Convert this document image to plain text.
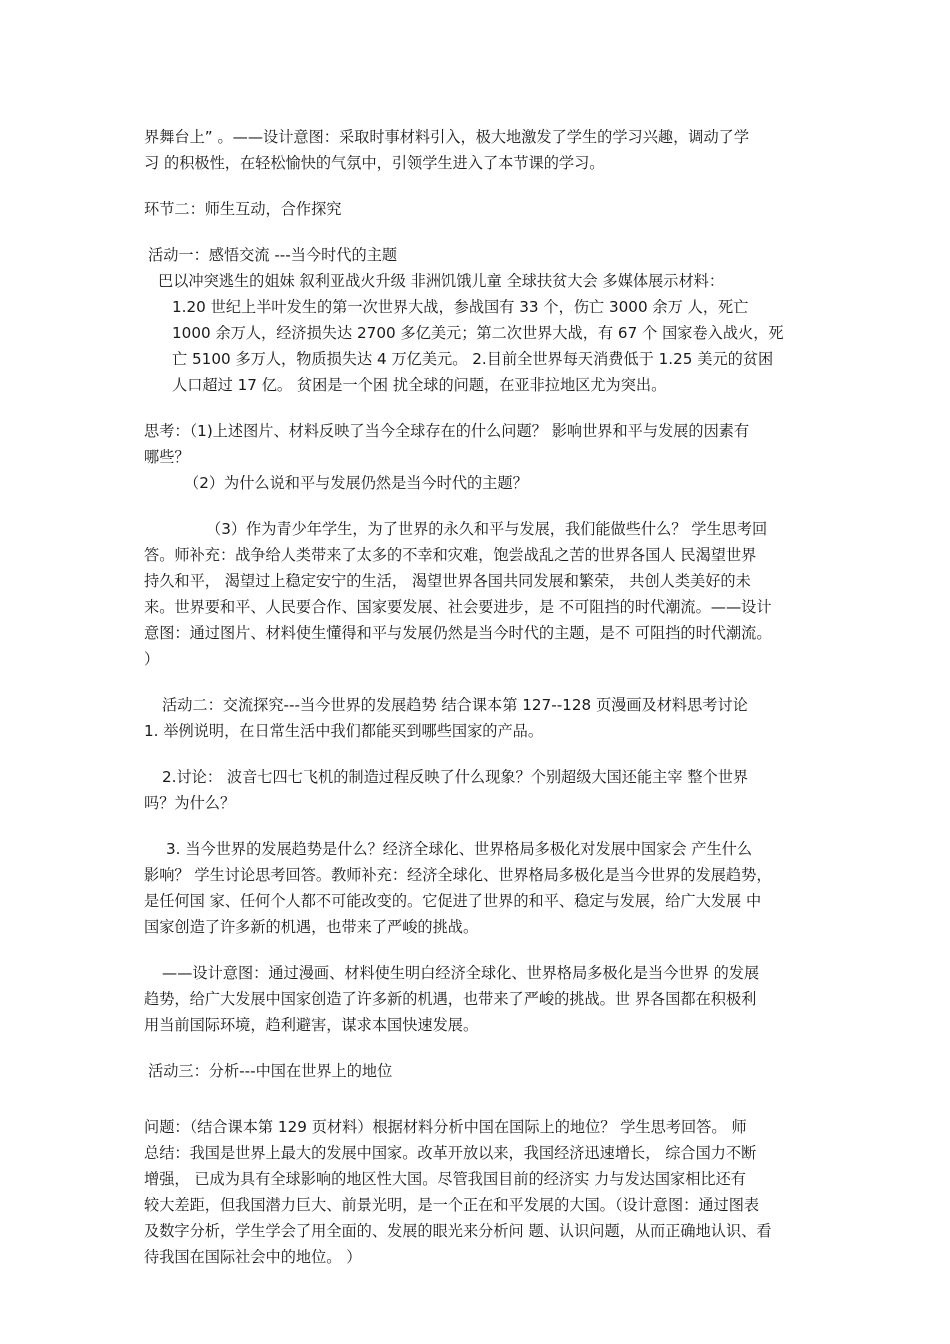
界舞台上” 。——设计意图：采取时事材料引入，极大地激发了学生的学习兴趣，调动了学
习 的积极性，在轻松愉快的气氛中，引领学生进入了本节课的学习。

环节二：师生互动，合作探究

活动一：感悟交流 ---当今时代的主题

巴以冲突逃生的姐妹 叙利亚战火升级 非洲饥饿儿童 全球扶贫大会 多媒体展示材料：
1.20 世纪上半叶发生的第一次世界大战，参战国有 33 个，伤亡 3000 余万 人，死亡
1000 余万人，经济损失达 2700 多亿美元；第二次世界大战，有 67 个 国家卷入战火，死
亡 5100 多万人，物质损失达 4 万亿美元。 2.目前全世界每天消费低于 1.25 美元的贫困
人口超过 17 亿。 贫困是一个困 扰全球的问题，在亚非拉地区尤为突出。

思考：（1)上述图片、材料反映了当今全球存在的什么问题？ 影响世界和平与发展的因素有
哪些？

（2）为什么说和平与发展仍然是当今时代的主题？

（3）作为青少年学生，为了世界的永久和平与发展，我们能做些什么？ 学生思考回
答。师补充：战争给人类带来了太多的不幸和灾难，饱尝战乱之苦的世界各国人 民渴望世界
持久和平， 渴望过上稳定安宁的生活， 渴望世界各国共同发展和繁荣， 共创人类美好的未
来。世界要和平、人民要合作、国家要发展、社会要进步，是 不可阻挡的时代潮流。——设计
意图：通过图片、材料使生懂得和平与发展仍然是当今时代的主题，是不 可阻挡的时代潮流。
）

活动二：交流探究---当今世界的发展趋势 结合课本第 127--128 页漫画及材料思考讨论
1. 举例说明，在日常生活中我们都能买到哪些国家的产品。

2.讨论： 波音七四七飞机的制造过程反映了什么现象？个别超级大国还能主宰 整个世界
吗？为什么？

3. 当今世界的发展趋势是什么？经济全球化、世界格局多极化对发展中国家会 产生什么
影响？ 学生讨论思考回答。教师补充：经济全球化、世界格局多极化是当今世界的发展趋势，
是任何国 家、任何个人都不可能改变的。它促进了世界的和平、稳定与发展，给广大发展 中
国家创造了许多新的机遇，也带来了严峻的挑战。

——设计意图：通过漫画、材料使生明白经济全球化、世界格局多极化是当今世界 的发展
趋势，给广大发展中国家创造了许多新的机遇，也带来了严峻的挑战。世 界各国都在积极利
用当前国际环境，趋利避害，谋求本国快速发展。

活动三：分析---中国在世界上的地位

问题：（结合课本第 129 页材料）根据材料分析中国在国际上的地位？ 学生思考回答。 师
总结：我国是世界上最大的发展中国家。改革开放以来，我国经济迅速增长， 综合国力不断
增强， 已成为具有全球影响的地区性大国。尽管我国目前的经济实 力与发达国家相比还有
较大差距，但我国潜力巨大、前景光明，是一个正在和平发展的大国。（设计意图：通过图表
及数字分析，学生学会了用全面的、发展的眼光来分析问 题、认识问题，从而正确地认识、看
待我国在国际社会中的地位。 ）
